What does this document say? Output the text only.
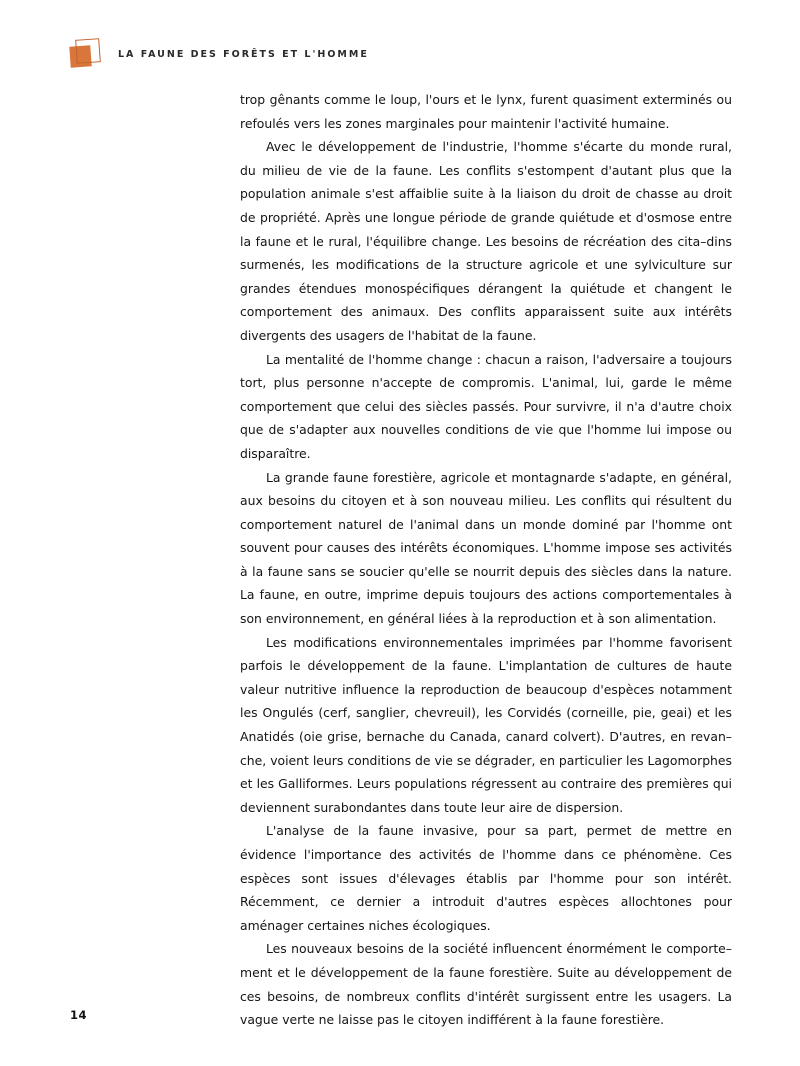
LA FAUNE DES FORÊTS ET L'HOMME

trop gênants comme le loup, l'ours et le lynx, furent quasiment exterminés ou refoulés vers les zones marginales pour maintenir l'activité humaine.

Avec le développement de l'industrie, l'homme s'écarte du monde rural, du milieu de vie de la faune. Les conflits s'estompent d'autant plus que la population animale s'est affaiblie suite à la liaison du droit de chasse au droit de propriété. Après une longue période de grande quiétude et d'osmose entre la faune et le rural, l'équilibre change. Les besoins de récréation des cita–dins surmenés, les modifications de la structure agricole et une sylviculture sur grandes étendues monospécifiques dérangent la quiétude et changent le comportement des animaux. Des conflits apparaissent suite aux intérêts divergents des usagers de l'habitat de la faune.

La mentalité de l'homme change : chacun a raison, l'adversaire a toujours tort, plus personne n'accepte de compromis. L'animal, lui, garde le même comportement que celui des siècles passés. Pour survivre, il n'a d'autre choix que de s'adapter aux nouvelles conditions de vie que l'homme lui impose ou disparaître.

La grande faune forestière, agricole et montagnarde s'adapte, en général, aux besoins du citoyen et à son nouveau milieu. Les conflits qui résultent du comportement naturel de l'animal dans un monde dominé par l'homme ont souvent pour causes des intérêts économiques. L'homme impose ses activités à la faune sans se soucier qu'elle se nourrit depuis des siècles dans la nature. La faune, en outre, imprime depuis toujours des actions comportementales à son environnement, en général liées à la reproduction et à son alimentation.

Les modifications environnementales imprimées par l'homme favorisent parfois le développement de la faune. L'implantation de cultures de haute valeur nutritive influence la reproduction de beaucoup d'espèces notamment les Ongulés (cerf, sanglier, chevreuil), les Corvidés (corneille, pie, geai) et les Anatidés (oie grise, bernache du Canada, canard colvert). D'autres, en revan–che, voient leurs conditions de vie se dégrader, en particulier les Lagomorphes et les Galliformes. Leurs populations régressent au contraire des premières qui deviennent surabondantes dans toute leur aire de dispersion.

L'analyse de la faune invasive, pour sa part, permet de mettre en évidence l'importance des activités de l'homme dans ce phénomène. Ces espèces sont issues d'élevages établis par l'homme pour son intérêt. Récemment, ce dernier a introduit d'autres espèces allochtones pour aménager certaines niches écologiques.

Les nouveaux besoins de la société influencent énormément le comporte–ment et le développement de la faune forestière. Suite au développement de ces besoins, de nombreux conflits d'intérêt surgissent entre les usagers. La vague verte ne laisse pas le citoyen indifférent à la faune forestière.

14
